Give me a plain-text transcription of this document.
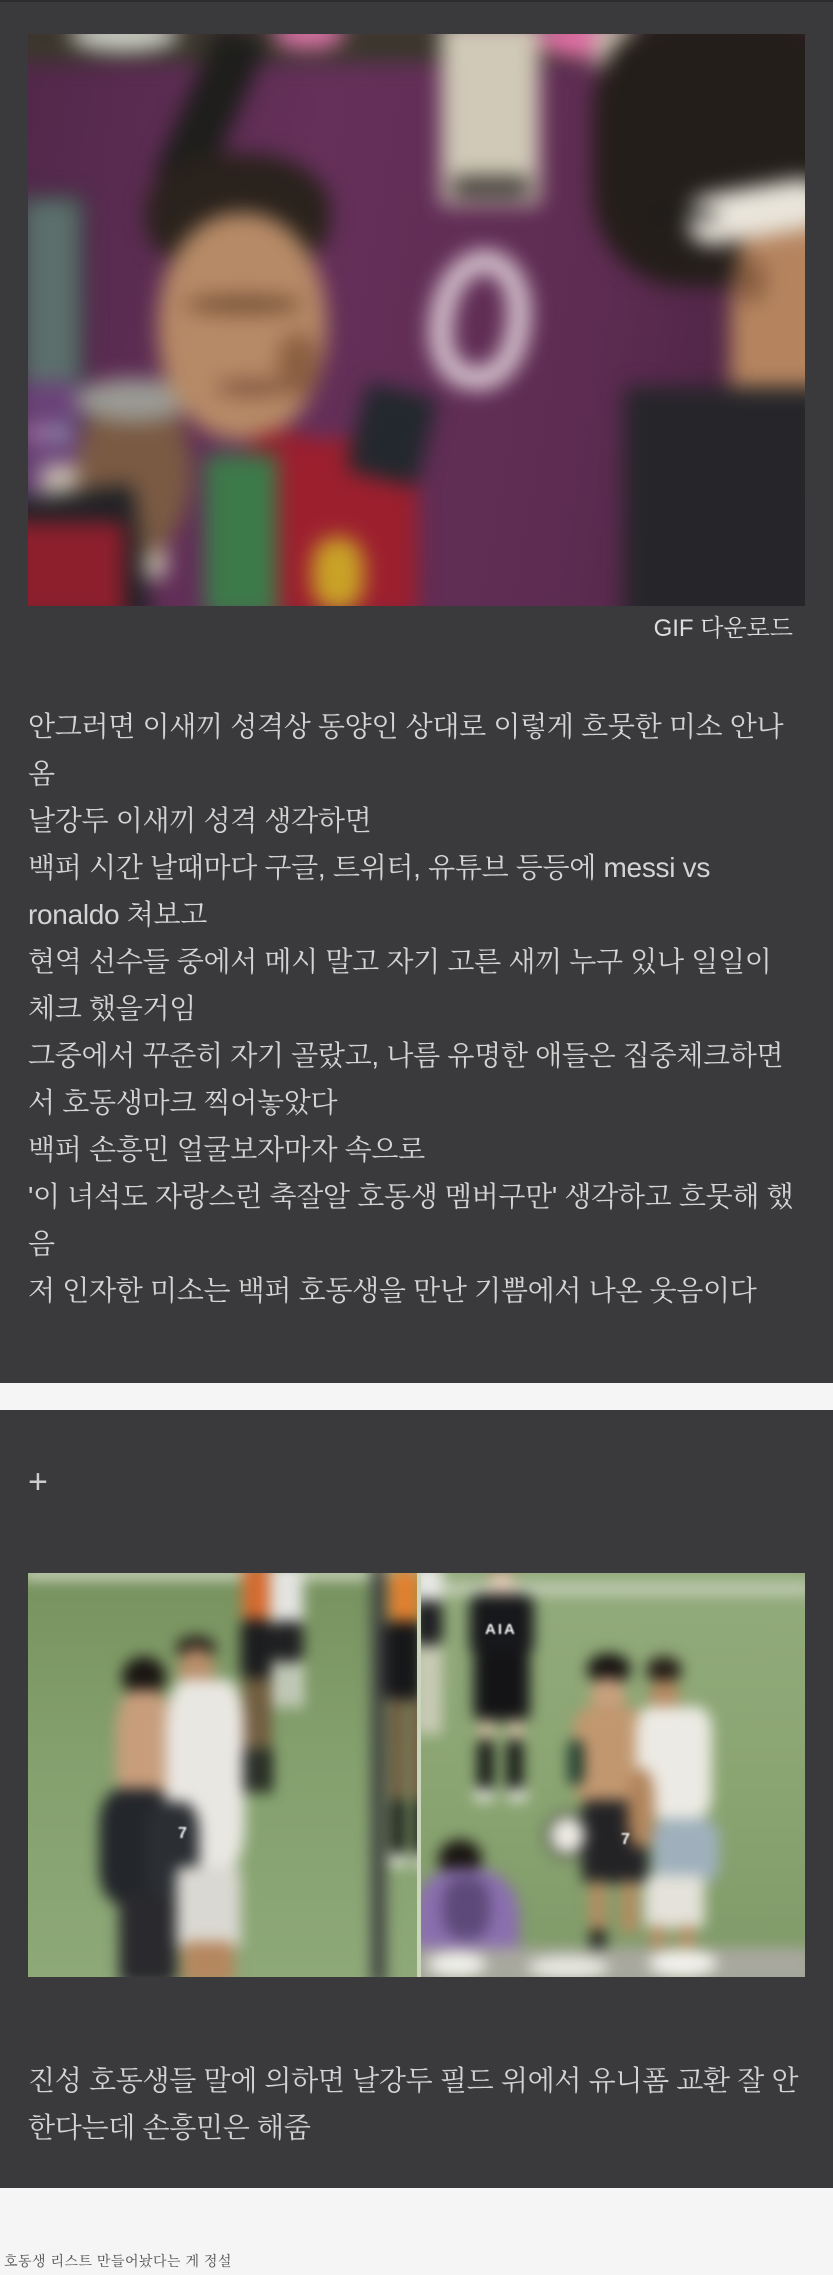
GIF 다운로드

안그러면 이새끼 성격상 동양인 상대로 이렇게 흐뭇한 미소 안나옴

날강두 이새끼 성격 생각하면

백퍼 시간 날때마다 구글, 트위터, 유튜브 등등에 messi vs ronaldo 쳐보고

현역 선수들 중에서 메시 말고 자기 고른 새끼 누구 있나 일일이 체크 했을거임

그중에서 꾸준히 자기 골랐고, 나름 유명한 애들은 집중체크하면서 호동생마크 찍어놓았다

백퍼 손흥민 얼굴보자마자 속으로

'이 녀석도 자랑스런 축잘알 호동생 멤버구만' 생각하고 흐뭇해 했음

저 인자한 미소는 백퍼 호동생을 만난 기쁨에서 나온 웃음이다

+
7
AIA
7
진성 호동생들 말에 의하면 날강두 필드 위에서 유니폼 교환 잘 안한다는데 손흥민은 해줌
호동생 리스트 만들어놨다는 게 정설
